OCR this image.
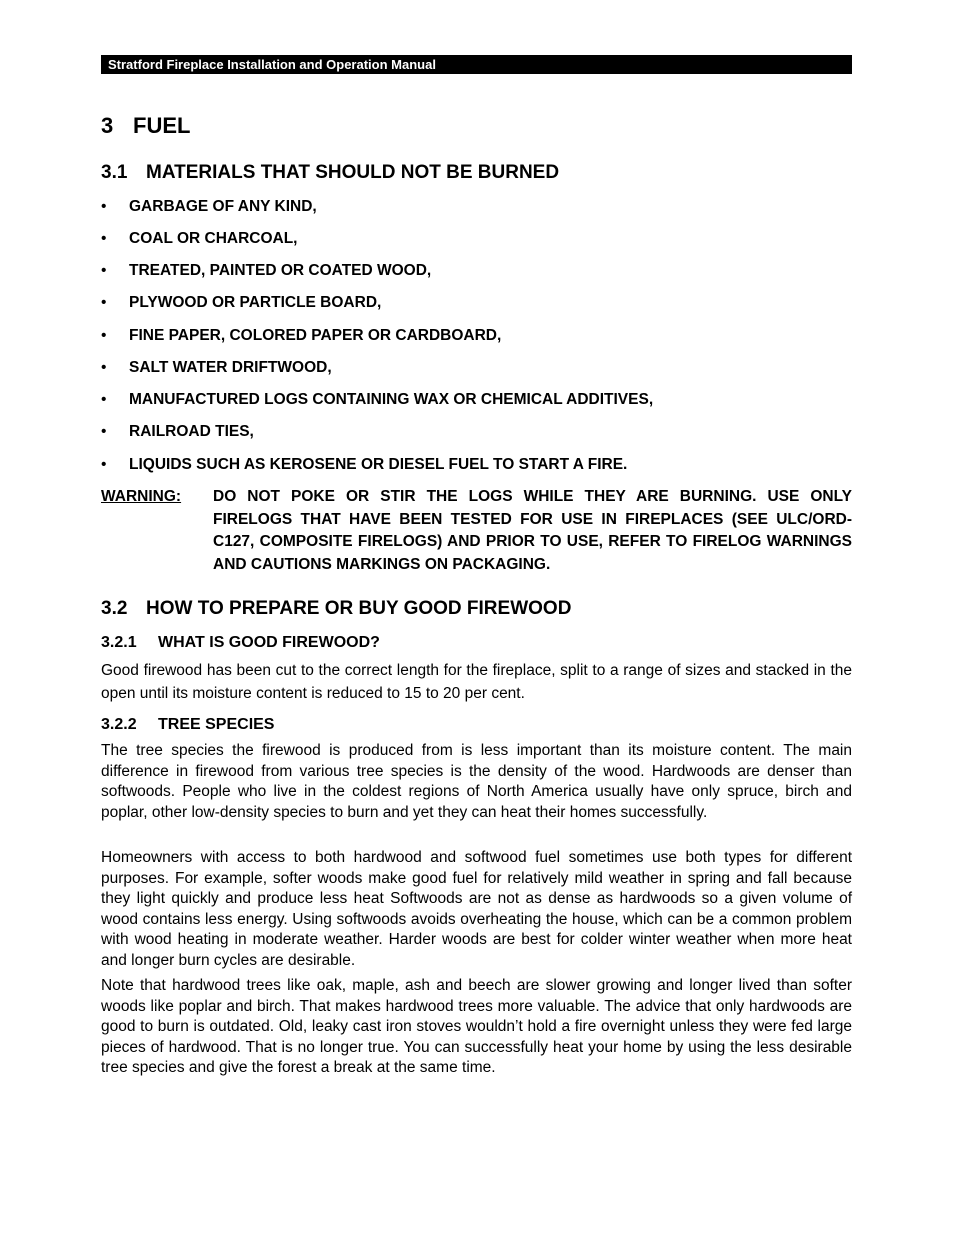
Stratford Fireplace Installation and Operation Manual
3 FUEL
3.1 MATERIALS THAT SHOULD NOT BE BURNED
•	GARBAGE OF ANY KIND,
•	COAL OR CHARCOAL,
•	TREATED, PAINTED OR COATED WOOD,
•	PLYWOOD OR PARTICLE BOARD,
•	FINE PAPER, COLORED PAPER OR CARDBOARD,
•	SALT WATER DRIFTWOOD,
•	MANUFACTURED LOGS CONTAINING WAX OR CHEMICAL ADDITIVES,
•	RAILROAD TIES,
•	LIQUIDS SUCH AS KEROSENE OR DIESEL FUEL TO START A FIRE.
WARNING: DO NOT POKE OR STIR THE LOGS WHILE THEY ARE BURNING. USE ONLY FIRELOGS THAT HAVE BEEN TESTED FOR USE IN FIREPLACES (SEE ULC/ORD-C127, COMPOSITE FIRELOGS) AND PRIOR TO USE, REFER TO FIRELOG WARNINGS AND CAUTIONS MARKINGS ON PACKAGING.
3.2 HOW TO PREPARE OR BUY GOOD FIREWOOD
3.2.1 WHAT IS GOOD FIREWOOD?
Good firewood has been cut to the correct length for the fireplace, split to a range of sizes and stacked in the open until its moisture content is reduced to 15 to 20 per cent.
3.2.2 TREE SPECIES
The tree species the firewood is produced from is less important than its moisture content. The main difference in firewood from various tree species is the density of the wood. Hardwoods are denser than softwoods. People who live in the coldest regions of North America usually have only spruce, birch and poplar, other low-density species to burn and yet they can heat their homes successfully.
Homeowners with access to both hardwood and softwood fuel sometimes use both types for different purposes. For example, softer woods make good fuel for relatively mild weather in spring and fall because they light quickly and produce less heat Softwoods are not as dense as hardwoods so a given volume of wood contains less energy. Using softwoods avoids overheating the house, which can be a common problem with wood heating in moderate weather. Harder woods are best for colder winter weather when more heat and longer burn cycles are desirable.
Note that hardwood trees like oak, maple, ash and beech are slower growing and longer lived than softer woods like poplar and birch. That makes hardwood trees more valuable. The advice that only hardwoods are good to burn is outdated. Old, leaky cast iron stoves wouldn’t hold a fire overnight unless they were fed large pieces of hardwood. That is no longer true. You can successfully heat your home by using the less desirable tree species and give the forest a break at the same time.
